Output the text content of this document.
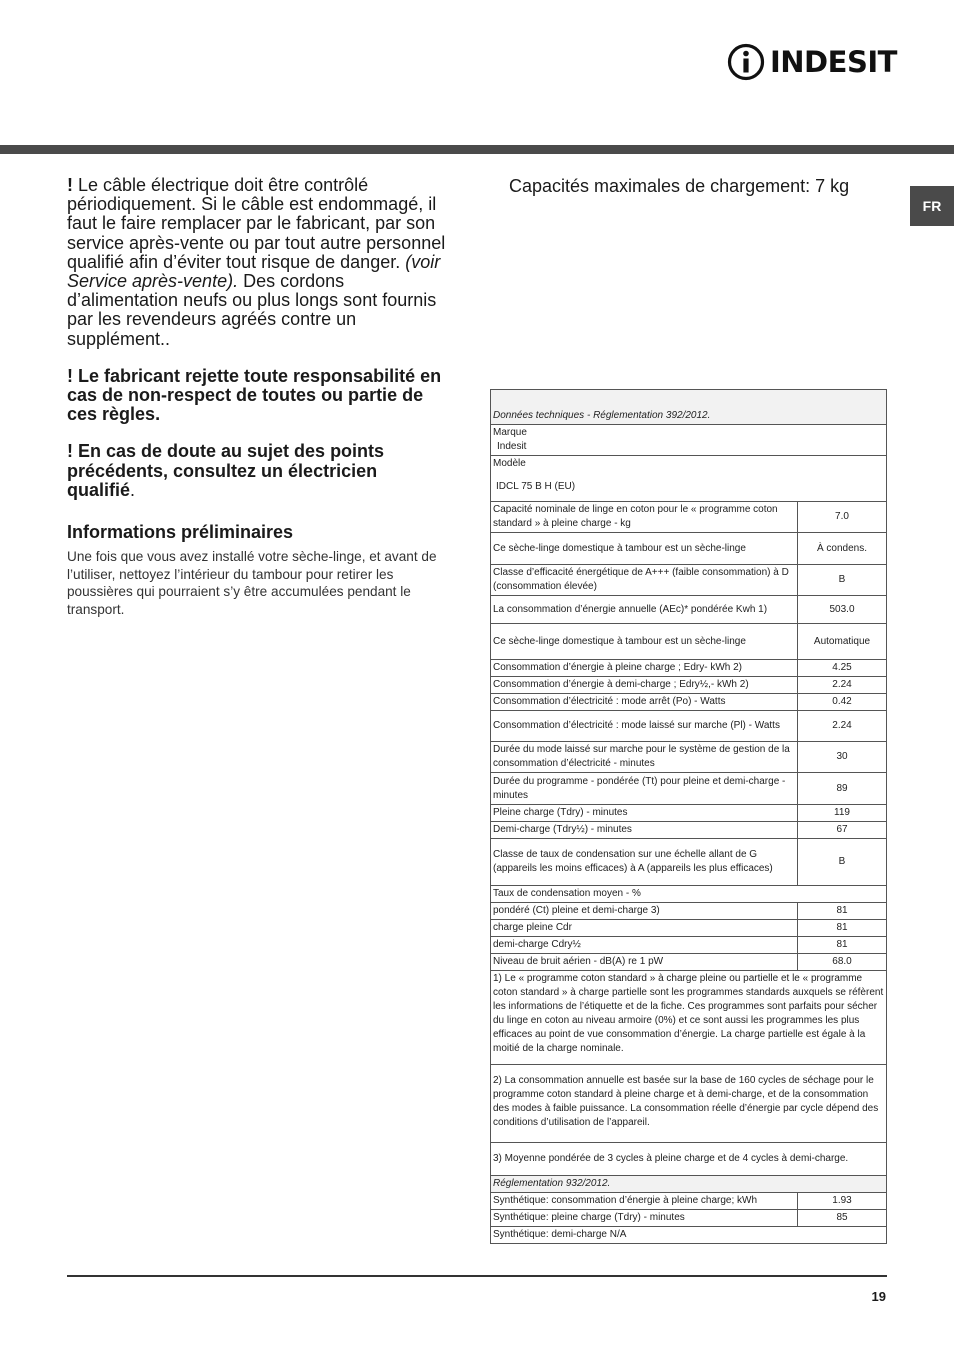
INDESIT
FR

! Le câble électrique doit être contrôlé périodiquement. Si le câble est endommagé, il faut le faire remplacer par le fabricant, par son service après-vente ou par tout autre personnel qualifié afin d’éviter tout risque de danger. (voir Service après-vente). Des cordons d’alimentation neufs ou plus longs sont fournis par les revendeurs agréés contre un supplément..

! Le fabricant rejette toute responsabilité en cas de non-respect de toutes ou partie de ces règles.

! En cas de doute au sujet des points précédents, consultez un électricien qualifié.

Informations préliminaires

Une fois que vous avez installé votre sèche-linge, et avant de l’utiliser, nettoyez l’intérieur du tambour pour retirer les poussières qui pourraient s’y être accumulées pendant le transport.

Capacités maximales de chargement: 7 kg
Données techniques - Réglementation 392/2012.	

Marque
Indesit	

Modèle
IDCL 75 B H (EU)	

Capacité nominale de linge en coton pour le « programme coton standard » à pleine charge - kg	7.0
Ce sèche-linge domestique à tambour est un sèche-linge	À condens.
Classe d’efficacité énergétique de A+++ (faible consommation) à D (consommation élevée)	B
La consommation d’énergie annuelle (AEc)* pondérée Kwh 1)	503.0
Ce sèche-linge domestique à tambour est un sèche-linge	Automatique
Consommation d’énergie à pleine charge ; Edry- kWh 2)	4.25
Consommation d’énergie à demi-charge ; Edry½,- kWh 2)	2.24
Consommation d’électricité : mode arrêt (Po) - Watts	0.42
Consommation d’électricité : mode laissé sur marche (Pl) - Watts	2.24
Durée du mode laissé sur marche pour le système de gestion de la consommation d’électricité - minutes	30
Durée du programme - pondérée (Tt) pour pleine et demi-charge - minutes	89
Pleine charge (Tdry) - minutes	119
Demi-charge (Tdry½) - minutes	67
Classe de taux de condensation sur une échelle allant de G (appareils les moins efficaces) à A (appareils les plus efficaces)	B
Taux de condensation moyen - %	
pondéré (Ct) pleine et demi-charge 3)	81
charge pleine Cdr	81
demi-charge Cdry½	81
Niveau de bruit aérien - dB(A) re 1 pW	68.0
1) Le « programme coton standard » à charge pleine ou partielle et le « programme coton standard » à charge partielle sont les programmes standards auxquels se réfèrent les informations de l’étiquette et de la fiche. Ces programmes sont parfaits pour sécher du linge en coton au niveau armoire (0%) et ce sont aussi les programmes les plus efficaces au point de vue consommation d’énergie. La charge partielle est égale à la moitié de la charge nominale.	
2) La consommation annuelle est basée sur la base de 160 cycles de séchage pour le programme coton standard à pleine charge et à demi-charge, et de la consommation des modes à faible puissance. La consommation réelle d’énergie par cycle dépend des conditions d’utilisation de l’appareil.	
3) Moyenne pondérée de 3 cycles à pleine charge et de 4 cycles à demi-charge.	
Réglementation 932/2012.	
Synthétique: consommation d’énergie à pleine charge; kWh	1.93
Synthétique: pleine charge (Tdry) - minutes	85
Synthétique: demi-charge N/A	
19
